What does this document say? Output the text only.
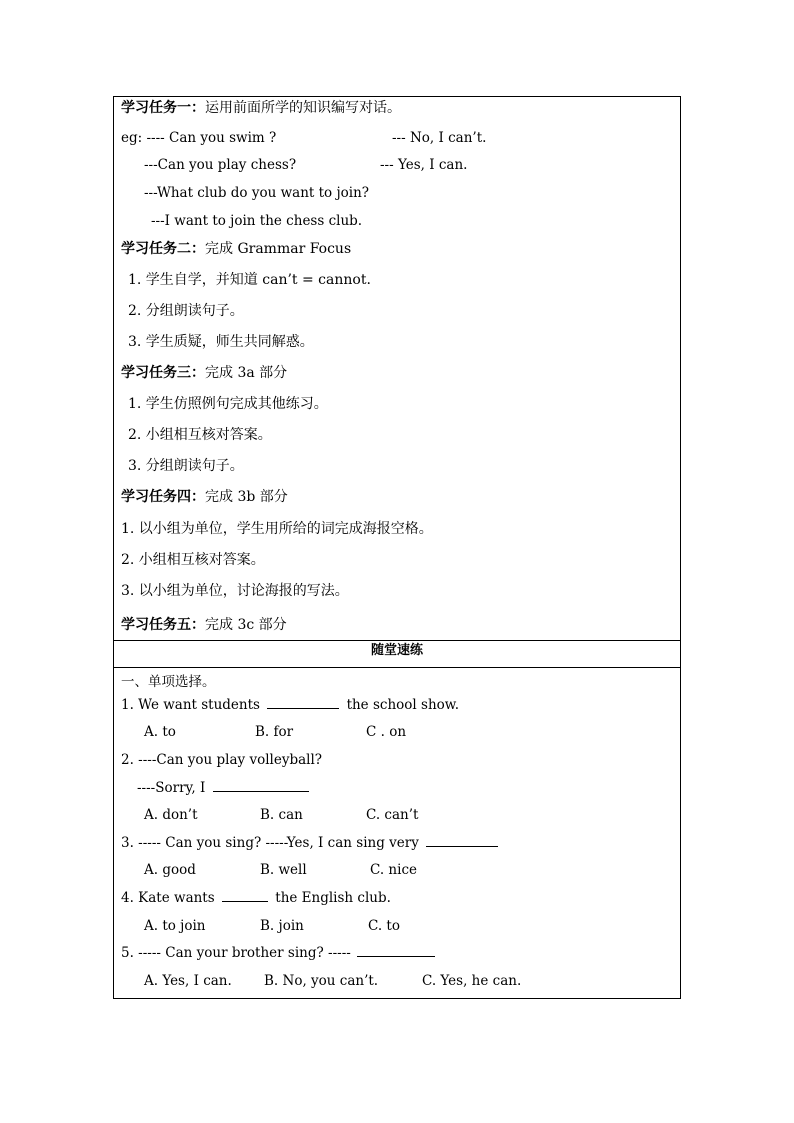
学习任务一：运用前面所学的知识编写对话。
eg: ---- Can you swim ?	--- No, I can’t.
---Can you play chess?	--- Yes, I can.
---What club do you want to join?
---I want to join the chess club.
学习任务二：完成 Grammar Focus
1. 学生自学，并知道 can’t = cannot.
2. 分组朗读句子。
3. 学生质疑，师生共同解惑。
学习任务三：完成 3a 部分
1. 学生仿照例句完成其他练习。
2. 小组相互核对答案。
3. 分组朗读句子。
学习任务四：完成 3b 部分
1. 以小组为单位，学生用所给的词完成海报空格。
2. 小组相互核对答案。
3. 以小组为单位，讨论海报的写法。
学习任务五：完成 3c 部分
随堂速练
一、单项选择。
1. We want students	the school show.
A. to	B. for	C . on
2. ----Can you play volleyball?
----Sorry, I
A. don’t	B. can	C. can’t
3. ----- Can you sing? -----Yes, I can sing very
A. good	B. well	C. nice
4. Kate wants	the English club.
A. to join	B. join	C. to
5. ----- Can your brother sing? -----
A. Yes, I can. B. No, you can’t.	C. Yes, he can.
